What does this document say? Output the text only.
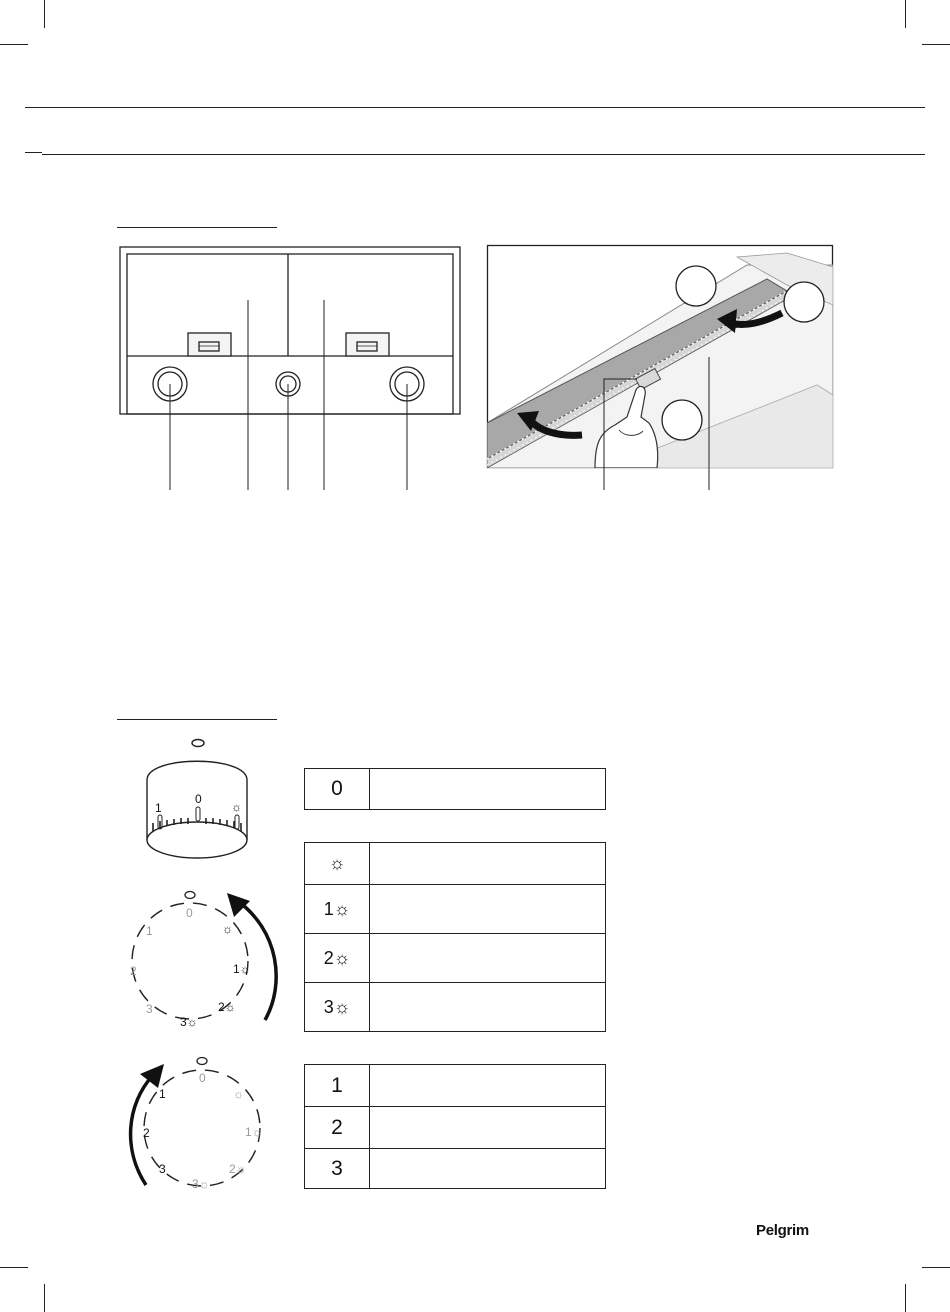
1
0
☼
0
☼
1☼
2☼
3☼
3
2
1
0
☼
1☼
2☼
3☼
3
2
1
0
☼
1☼
2☼
3☼
1
2
3
Pelgrim
